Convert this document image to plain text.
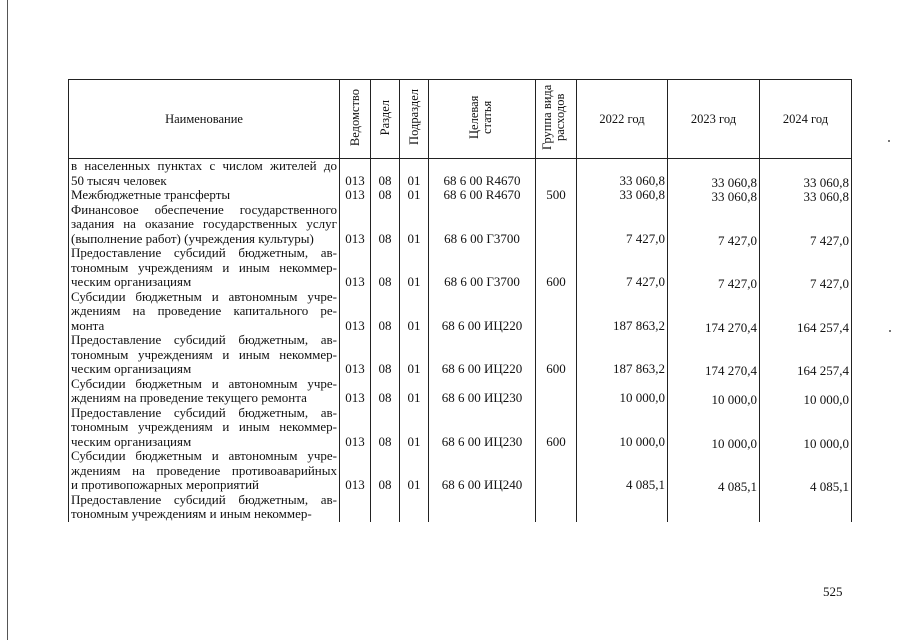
Наименование	Ведомство	Раздел	Подраздел	Целевая статья	Группа вида расходов	2022 год	2023 год	2024 год
в населенных пунктах с числом жителей до								
50 тысяч человек	013	08	01	68 6 00 R4670		33 060,8	33 060,8	33 060,8
Межбюджетные трансферты	013	08	01	68 6 00 R4670	500	33 060,8	33 060,8	33 060,8
Финансовое обеспечение государственного								
задания на оказание государственных услуг								
(выполнение работ) (учреждения культуры)	013	08	01	68 6 00 Г3700		7 427,0	7 427,0	7 427,0
Предоставление субсидий бюджетным, ав-								
тономным учреждениям и иным некоммер-								
ческим организациям	013	08	01	68 6 00 Г3700	600	7 427,0	7 427,0	7 427,0
Субсидии бюджетным и автономным учре-								
ждениям на проведение капитального ре-								
монта	013	08	01	68 6 00 ИЦ220		187 863,2	174 270,4	164 257,4
Предоставление субсидий бюджетным, ав-								
тономным учреждениям и иным некоммер-								
ческим организациям	013	08	01	68 6 00 ИЦ220	600	187 863,2	174 270,4	164 257,4
Субсидии бюджетным и автономным учре-								
ждениям на проведение текущего ремонта	013	08	01	68 6 00 ИЦ230		10 000,0	10 000,0	10 000,0
Предоставление субсидий бюджетным, ав-								
тономным учреждениям и иным некоммер-								
ческим организациям	013	08	01	68 6 00 ИЦ230	600	10 000,0	10 000,0	10 000,0
Субсидии бюджетным и автономным учре-								
ждениям на проведение противоаварийных								
и противопожарных мероприятий	013	08	01	68 6 00 ИЦ240		4 085,1	4 085,1	4 085,1
Предоставление субсидий бюджетным, ав-								
тономным учреждениям и иным некоммер-								
525
